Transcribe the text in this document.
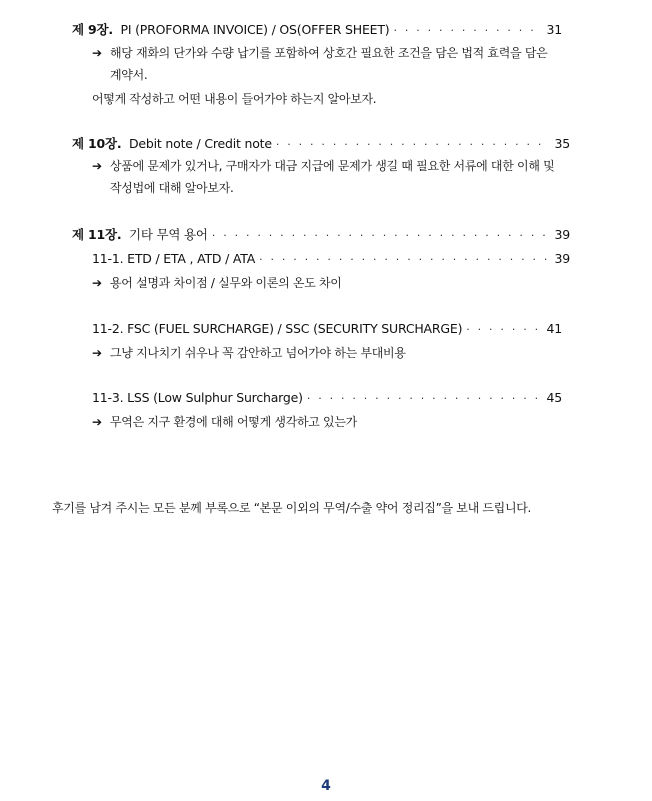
제 9장. PI (PROFORMA INVOICE) / OS(OFFER SHEET) · · ·	31
➔ 해당 재화의 단가와 수량 납기를 포함하여 상호간 필요한 조건을 담은 법적 효력을 담은
계약서.
어떻게 작성하고 어떤 내용이 들어가야 하는지 알아보자.
제 10장. Debit note / Credit note · · ·	35
➔ 상품에 문제가 있거나, 구매자가 대금 지급에 문제가 생길 때 필요한 서류에 대한 이해 및
작성법에 대해 알아보자.
제 11장. 기타 무역 용어 · · ·	39
11-1. ETD / ETA , ATD / ATA · · ·	39
➔ 용어 설명과 차이점 / 실무와 이론의 온도 차이
11-2. FSC (FUEL SURCHARGE) / SSC (SECURITY SURCHARGE) · · ·	41
➔ 그냥 지나치기 쉬우나 꼭 감안하고 넘어가야 하는 부대비용
11-3. LSS (Low Sulphur Surcharge) · · ·	45
➔ 무역은 지구 환경에 대해 어떻게 생각하고 있는가
후기를 남겨 주시는 모든 분께 부록으로 “본문 이외의 무역/수출 약어 정리집”을 보내 드립니다.
4
